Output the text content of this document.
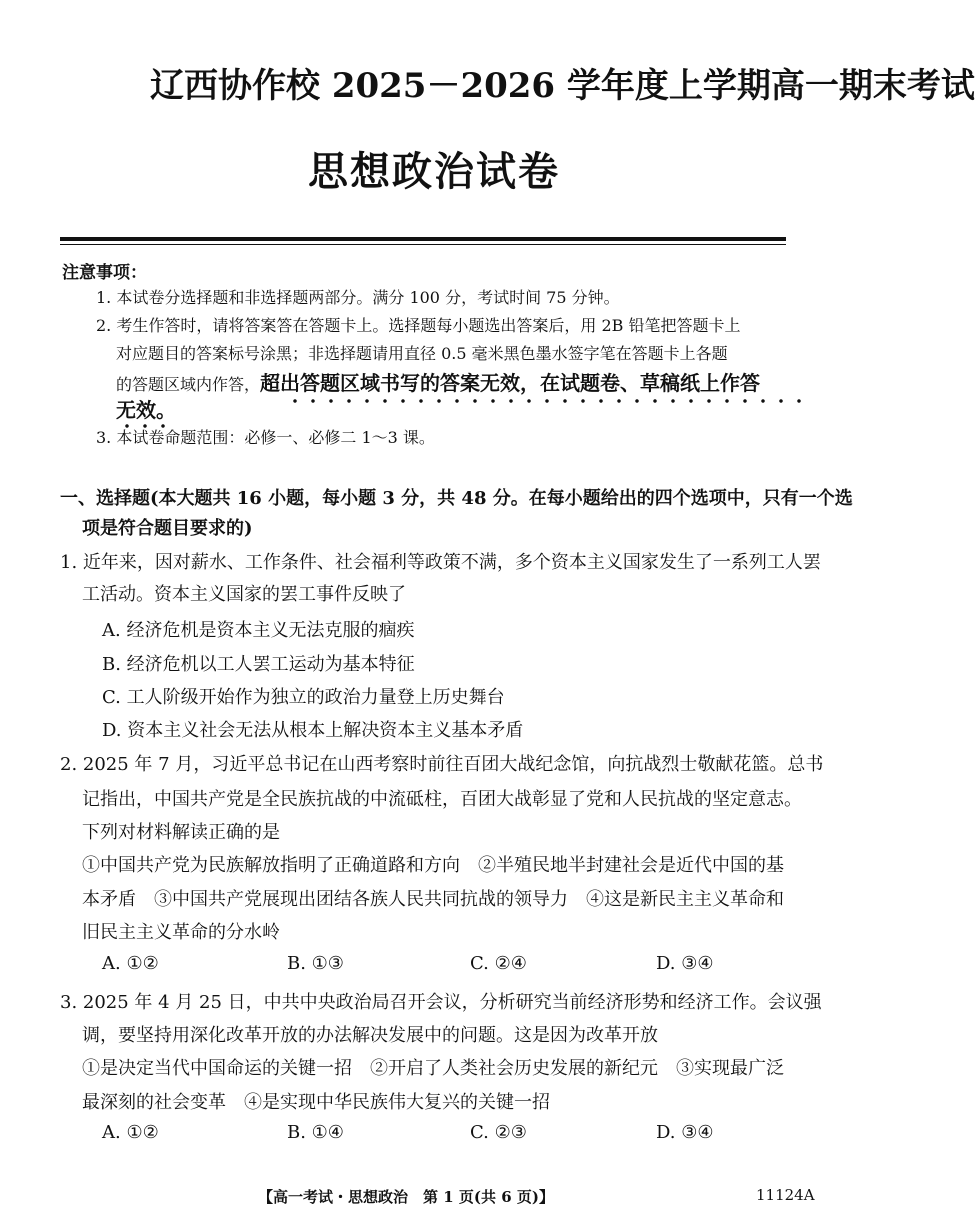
辽西协作校 2025－2026 学年度上学期高一期末考试
思想政治试卷
注意事项：
1. 本试卷分选择题和非选择题两部分。满分 100 分，考试时间 75 分钟。
2. 考生作答时，请将答案答在答题卡上。选择题每小题选出答案后，用 2B 铅笔把答题卡上
对应题目的答案标号涂黑；非选择题请用直径 0.5 毫米黑色墨水签字笔在答题卡上各题
的答题区域内作答，超出答题区域书写的答案无效，在试题卷、草稿纸上作答
无效。
3. 本试卷命题范围：必修一、必修二 1～3 课。
一、选择题(本大题共 16 小题，每小题 3 分，共 48 分。在每小题给出的四个选项中，只有一个选
项是符合题目要求的)
1. 近年来，因对薪水、工作条件、社会福利等政策不满，多个资本主义国家发生了一系列工人罢
工活动。资本主义国家的罢工事件反映了
A. 经济危机是资本主义无法克服的痼疾
B. 经济危机以工人罢工运动为基本特征
C. 工人阶级开始作为独立的政治力量登上历史舞台
D. 资本主义社会无法从根本上解决资本主义基本矛盾
2. 2025 年 7 月，习近平总书记在山西考察时前往百团大战纪念馆，向抗战烈士敬献花篮。总书
记指出，中国共产党是全民族抗战的中流砥柱，百团大战彰显了党和人民抗战的坚定意志。
下列对材料解读正确的是
①中国共产党为民族解放指明了正确道路和方向　②半殖民地半封建社会是近代中国的基
本矛盾　③中国共产党展现出团结各族人民共同抗战的领导力　④这是新民主主义革命和
旧民主主义革命的分水岭
A. ①②	B. ①③	C. ②④	D. ③④
3. 2025 年 4 月 25 日，中共中央政治局召开会议，分析研究当前经济形势和经济工作。会议强
调，要坚持用深化改革开放的办法解决发展中的问题。这是因为改革开放
①是决定当代中国命运的关键一招　②开启了人类社会历史发展的新纪元　③实现最广泛
最深刻的社会变革　④是实现中华民族伟大复兴的关键一招
A. ①②	B. ①④	C. ②③	D. ③④
【高一考试・思想政治　第 1 页(共 6 页)】	11124A
